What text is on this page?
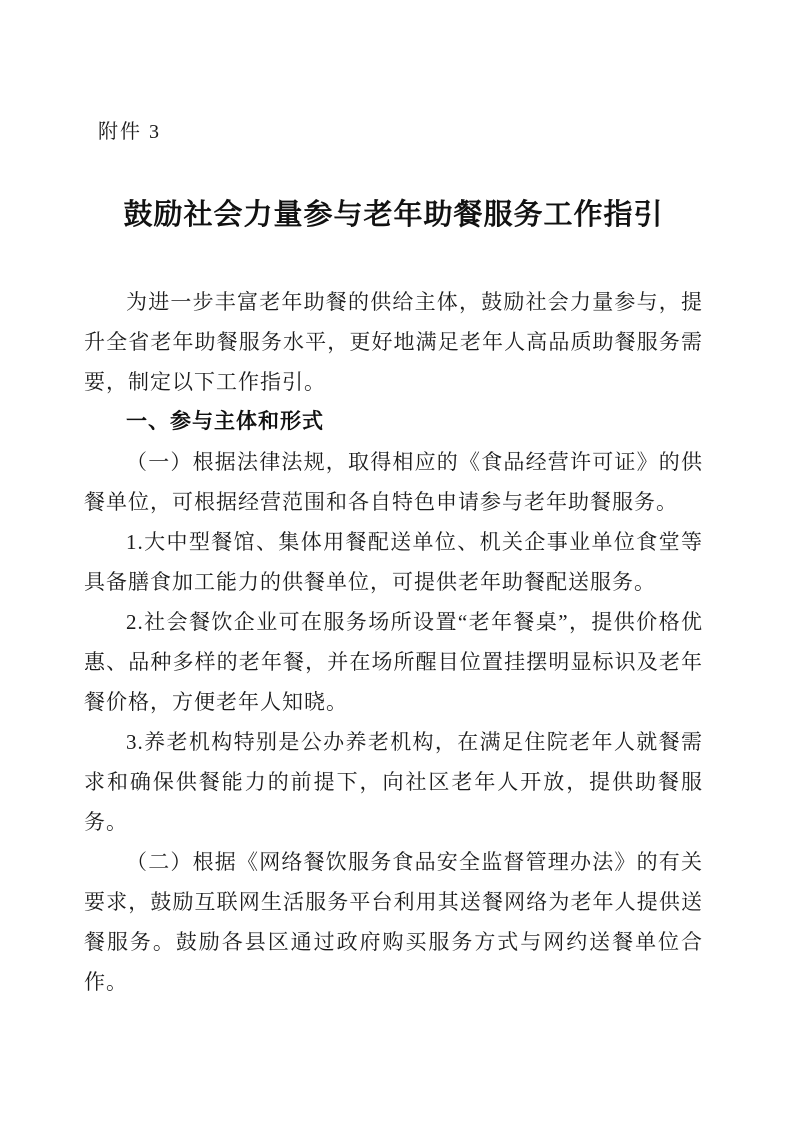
附件 3
鼓励社会力量参与老年助餐服务工作指引

为进一步丰富老年助餐的供给主体，鼓励社会力量参与，提升全省老年助餐服务水平，更好地满足老年人高品质助餐服务需要，制定以下工作指引。

一、参与主体和形式

（一）根据法律法规，取得相应的《食品经营许可证》的供餐单位，可根据经营范围和各自特色申请参与老年助餐服务。

1.大中型餐馆、集体用餐配送单位、机关企事业单位食堂等具备膳食加工能力的供餐单位，可提供老年助餐配送服务。

2.社会餐饮企业可在服务场所设置“老年餐桌”，提供价格优惠、品种多样的老年餐，并在场所醒目位置挂摆明显标识及老年餐价格，方便老年人知晓。

3.养老机构特别是公办养老机构，在满足住院老年人就餐需求和确保供餐能力的前提下，向社区老年人开放，提供助餐服务。

（二）根据《网络餐饮服务食品安全监督管理办法》的有关要求，鼓励互联网生活服务平台利用其送餐网络为老年人提供送餐服务。鼓励各县区通过政府购买服务方式与网约送餐单位合作。
